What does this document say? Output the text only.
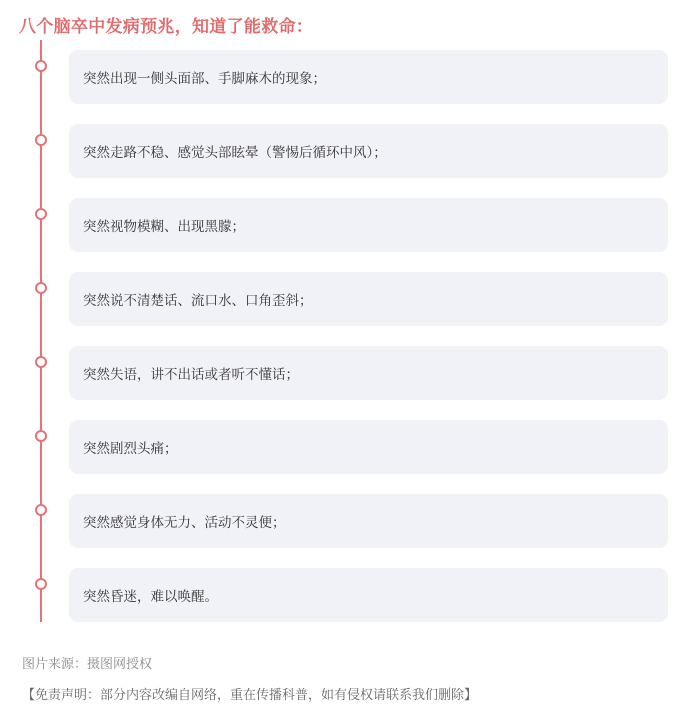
八个脑卒中发病预兆，知道了能救命：
突然出现一侧头面部、手脚麻木的现象；
突然走路不稳、感觉头部眩晕（警惕后循环中风）；
突然视物模糊、出现黑朦；
突然说不清楚话、流口水、口角歪斜；
突然失语，讲不出话或者听不懂话；
突然剧烈头痛；
突然感觉身体无力、活动不灵便；
突然昏迷，难以唤醒。
图片来源：摄图网授权
【免责声明：部分内容改编自网络，重在传播科普，如有侵权请联系我们删除】
